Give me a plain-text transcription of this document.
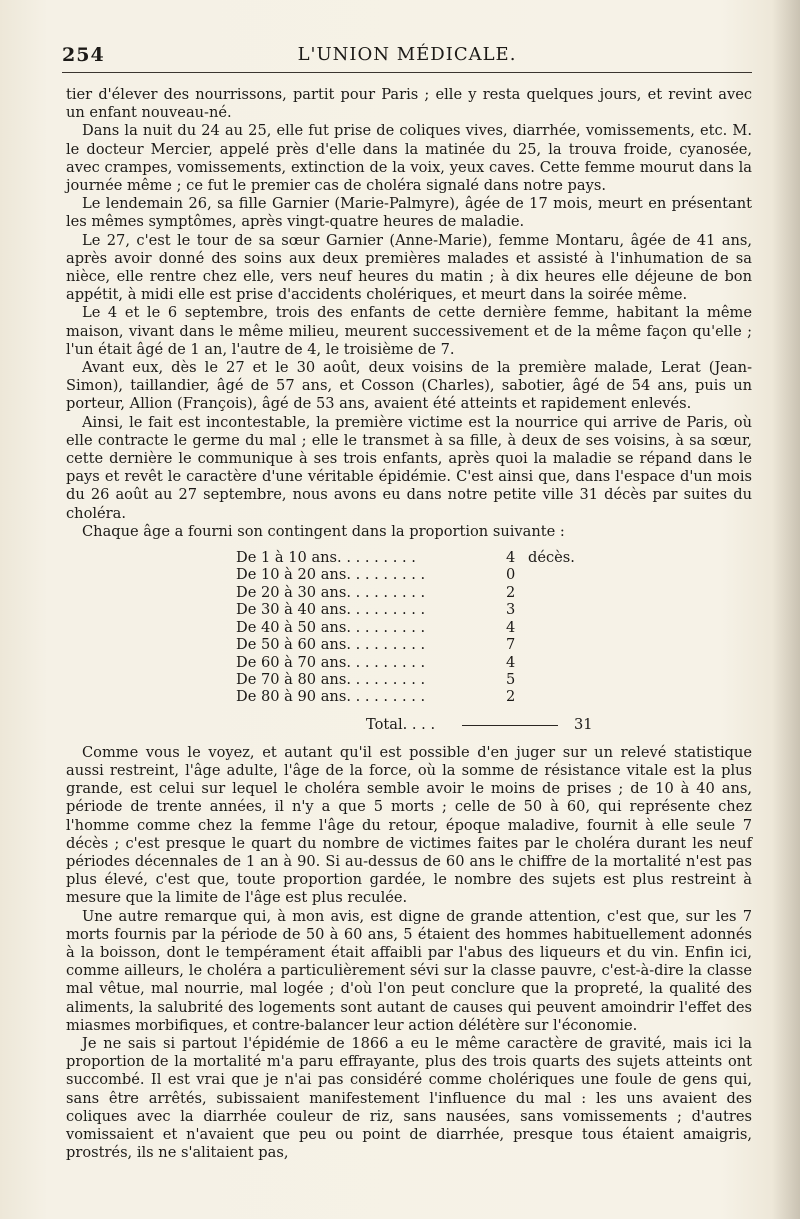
254	L'UNION MÉDICALE.

tier d'élever des nourrissons, partit pour Paris ; elle y resta quelques jours, et revint avec un enfant nouveau-né.

Dans la nuit du 24 au 25, elle fut prise de coliques vives, diarrhée, vomissements, etc. M. le docteur Mercier, appelé près d'elle dans la matinée du 25, la trouva froide, cyanosée, avec crampes, vomissements, extinction de la voix, yeux caves. Cette femme mourut dans la journée même ; ce fut le premier cas de choléra signalé dans notre pays.

Le lendemain 26, sa fille Garnier (Marie-Palmyre), âgée de 17 mois, meurt en présentant les mêmes symptômes, après vingt-quatre heures de maladie.

Le 27, c'est le tour de sa sœur Garnier (Anne-Marie), femme Montaru, âgée de 41 ans, après avoir donné des soins aux deux premières malades et assisté à l'inhumation de sa nièce, elle rentre chez elle, vers neuf heures du matin ; à dix heures elle déjeune de bon appétit, à midi elle est prise d'accidents cholériques, et meurt dans la soirée même.

Le 4 et le 6 septembre, trois des enfants de cette dernière femme, habitant la même maison, vivant dans le même milieu, meurent successivement et de la même façon qu'elle ; l'un était âgé de 1 an, l'autre de 4, le troisième de 7.

Avant eux, dès le 27 et le 30 août, deux voisins de la première malade, Lerat (Jean-Simon), taillandier, âgé de 57 ans, et Cosson (Charles), sabotier, âgé de 54 ans, puis un porteur, Allion (François), âgé de 53 ans, avaient été atteints et rapidement enlevés.

Ainsi, le fait est incontestable, la première victime est la nourrice qui arrive de Paris, où elle contracte le germe du mal ; elle le transmet à sa fille, à deux de ses voisins, à sa sœur, cette dernière le communique à ses trois enfants, après quoi la maladie se répand dans le pays et revêt le caractère d'une véritable épidémie. C'est ainsi que, dans l'espace d'un mois du 26 août au 27 septembre, nous avons eu dans notre petite ville 31 décès par suites du choléra.

Chaque âge a fourni son contingent dans la proportion suivante :

De 1 à 10 ans. . . . . . . . .	4	décès.
De 10 à 20 ans. . . . . . . . .	0	
De 20 à 30 ans. . . . . . . . .	2	
De 30 à 40 ans. . . . . . . . .	3	
De 40 à 50 ans. . . . . . . . .	4	
De 50 à 60 ans. . . . . . . . .	7	
De 60 à 70 ans. . . . . . . . .	4	
De 70 à 80 ans. . . . . . . . .	5	
De 80 à 90 ans. . . . . . . . .	2	
Total. . . .	31

Comme vous le voyez, et autant qu'il est possible d'en juger sur un relevé statistique aussi restreint, l'âge adulte, l'âge de la force, où la somme de résistance vitale est la plus grande, est celui sur lequel le choléra semble avoir le moins de prises ; de 10 à 40 ans, période de trente années, il n'y a que 5 morts ; celle de 50 à 60, qui représente chez l'homme comme chez la femme l'âge du retour, époque maladive, fournit à elle seule 7 décès ; c'est presque le quart du nombre de victimes faites par le choléra durant les neuf périodes décennales de 1 an à 90. Si au-dessus de 60 ans le chiffre de la mortalité n'est pas plus élevé, c'est que, toute proportion gardée, le nombre des sujets est plus restreint à mesure que la limite de l'âge est plus reculée.

Une autre remarque qui, à mon avis, est digne de grande attention, c'est que, sur les 7 morts fournis par la période de 50 à 60 ans, 5 étaient des hommes habituellement adonnés à la boisson, dont le tempérament était affaibli par l'abus des liqueurs et du vin. Enfin ici, comme ailleurs, le choléra a particulièrement sévi sur la classe pauvre, c'est-à-dire la classe mal vêtue, mal nourrie, mal logée ; d'où l'on peut conclure que la propreté, la qualité des aliments, la salubrité des logements sont autant de causes qui peuvent amoindrir l'effet des miasmes morbifiques, et contre-balancer leur action délétère sur l'économie.

Je ne sais si partout l'épidémie de 1866 a eu le même caractère de gravité, mais ici la proportion de la mortalité m'a paru effrayante, plus des trois quarts des sujets atteints ont succombé. Il est vrai que je n'ai pas considéré comme cholériques une foule de gens qui, sans être arrêtés, subissaient manifestement l'influence du mal : les uns avaient des coliques avec la diarrhée couleur de riz, sans nausées, sans vomissements ; d'autres vomissaient et n'avaient que peu ou point de diarrhée, presque tous étaient amaigris, prostrés, ils ne s'alitaient pas,
